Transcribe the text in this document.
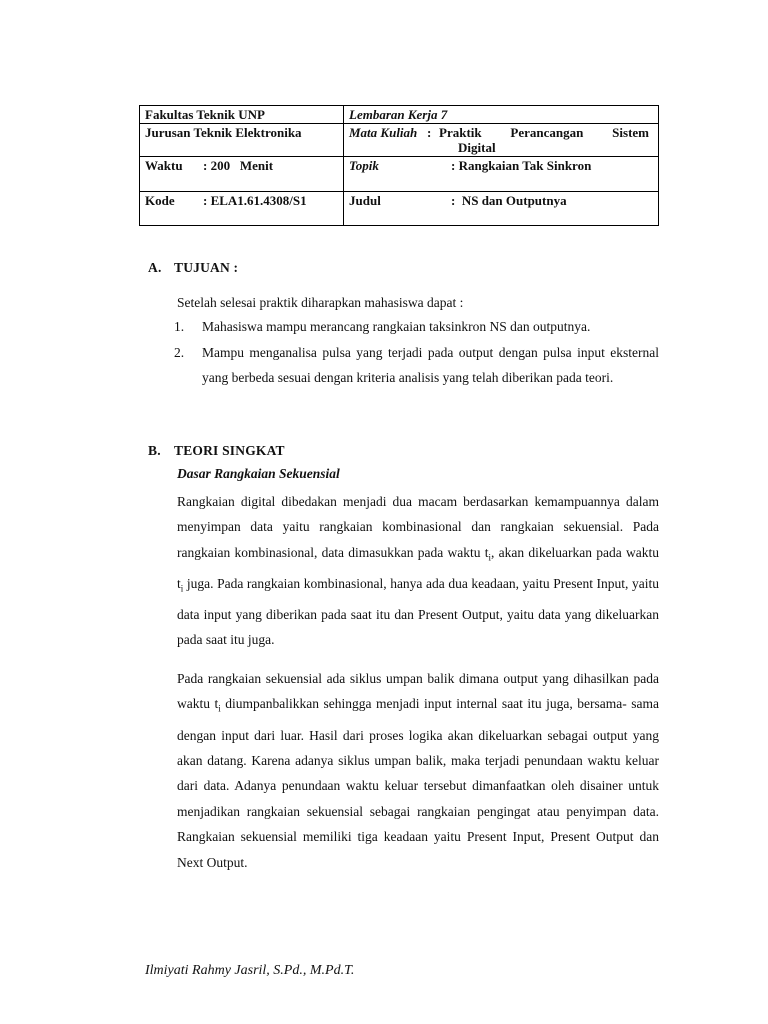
Fakultas Teknik UNP	Lembaran Kerja 7
Jurusan Teknik Elektronika	Mata Kuliah : Praktik Perancangan Sistem
Digital

Waktu : 200   Menit	Topik : Rangkaian Tak Sinkron
Kode : ELA1.61.4308/S1	Judul :  NS dan Outputnya
A. TUJUAN :
Setelah selesai praktik diharapkan mahasiswa dapat :
1. Mahasiswa mampu merancang rangkaian taksinkron NS dan outputnya.
2. Mampu menganalisa pulsa yang terjadi pada output dengan pulsa input eksternal yang berbeda sesuai dengan kriteria analisis yang telah diberikan pada teori.
B. TEORI SINGKAT
Dasar Rangkaian Sekuensial
Rangkaian digital dibedakan menjadi dua macam berdasarkan kemampuannya dalam menyimpan data yaitu rangkaian kombinasional dan rangkaian sekuensial. Pada rangkaian kombinasional, data dimasukkan pada waktu $t_i$, akan dikeluarkan pada waktu $t_i$ juga. Pada rangkaian kombinasional, hanya ada dua keadaan, yaitu Present Input, yaitu data input yang diberikan pada saat itu dan Present Output, yaitu data yang dikeluarkan pada saat itu juga.
Pada rangkaian sekuensial ada siklus umpan balik dimana output yang dihasilkan pada waktu $t_i$ diumpanbalikkan sehingga menjadi input internal saat itu juga, bersama- sama dengan input dari luar. Hasil dari proses logika akan dikeluarkan sebagai output yang akan datang. Karena adanya siklus umpan balik, maka terjadi penundaan waktu keluar dari data. Adanya penundaan waktu keluar tersebut dimanfaatkan oleh disainer untuk menjadikan rangkaian sekuensial sebagai rangkaian pengingat atau penyimpan data. Rangkaian sekuensial memiliki tiga keadaan yaitu Present Input, Present Output dan Next Output.
Ilmiyati Rahmy Jasril, S.Pd., M.Pd.T.
